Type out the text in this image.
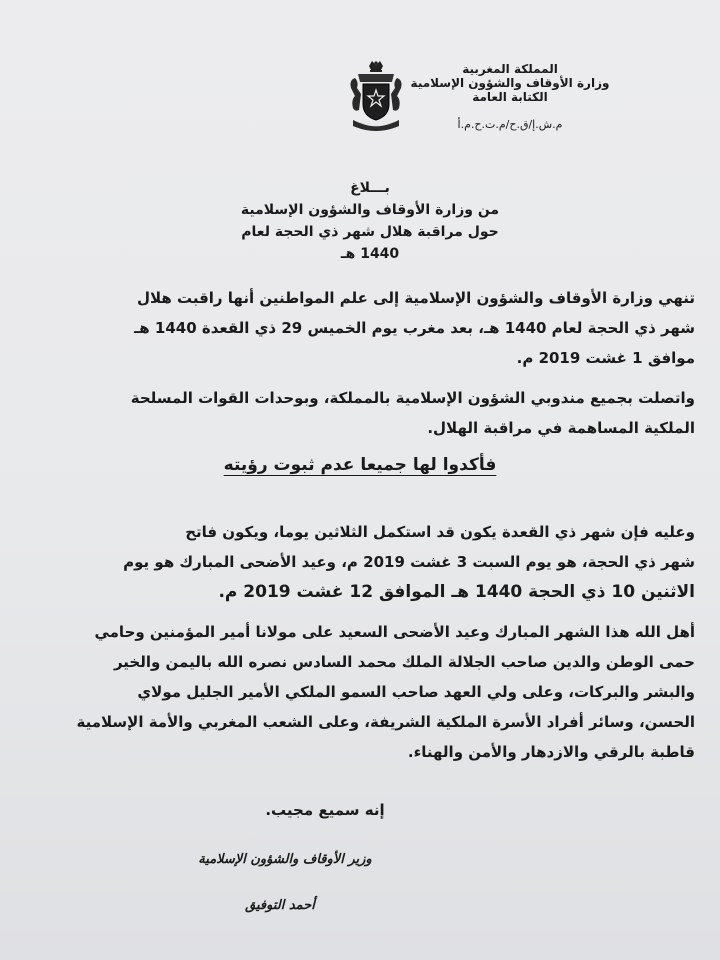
المملكة المغربية
وزارة الأوقاف والشؤون الإسلامية
الكتابة العامة
م.ش.إ/ق.ح/م.ت.ح.م.أ
بـــلاغ
من وزارة الأوقاف والشؤون الإسلامية
حول مراقبة هلال شهر ذي الحجة لعام 1440 هـ
تنهي وزارة الأوقاف والشؤون الإسلامية إلى علم المواطنين أنها راقبت هلال
شهر ذي الحجة لعام 1440 هـ، بعد مغرب يوم الخميس 29 ذي القعدة 1440 هـ
موافق 1 غشت 2019 م.
واتصلت بجميع مندوبي الشؤون الإسلامية بالمملكة، وبوحدات القوات المسلحة
الملكية المساهمة في مراقبة الهلال.
فأكدوا لها جميعا عدم ثبوت رؤيته
وعليه فإن شهر ذي القعدة يكون قد استكمل الثلاثين يوما، ويكون فاتح
شهر ذي الحجة، هو يوم السبت 3 غشت 2019 م، وعيد الأضحى المبارك هو يوم
الاثنين 10 ذي الحجة 1440 هـ الموافق 12 غشت 2019 م.
أهل الله هذا الشهر المبارك وعيد الأضحى السعيد على مولانا أمير المؤمنين وحامي
حمى الوطن والدين صاحب الجلالة الملك محمد السادس نصره الله باليمن والخير
والبشر والبركات، وعلى ولي العهد صاحب السمو الملكي الأمير الجليل مولاي
الحسن، وسائر أفراد الأسرة الملكية الشريفة، وعلى الشعب المغربي والأمة الإسلامية
قاطبة بالرقي والازدهار والأمن والهناء.
إنه سميع مجيب.
وزير الأوقاف والشؤون الإسلامية
أحمد التوفيق
